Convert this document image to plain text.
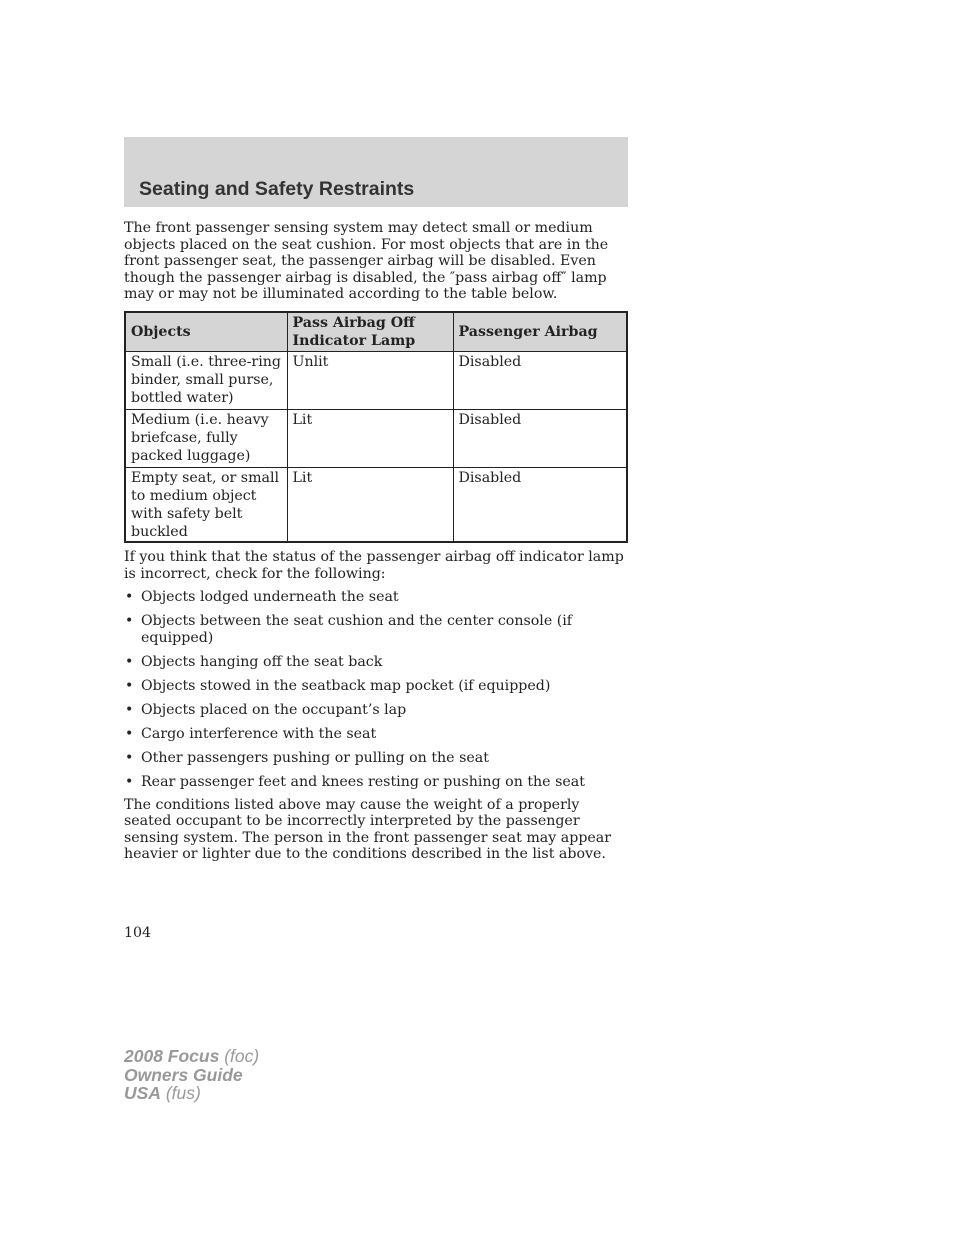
Seating and Safety Restraints

The front passenger sensing system may detect small or medium objects placed on the seat cushion. For most objects that are in the front passenger seat, the passenger airbag will be disabled. Even though the passenger airbag is disabled, the ″pass airbag off″ lamp may or may not be illuminated according to the table below.

Objects	Pass Airbag Off Indicator Lamp	Passenger Airbag
Small (i.e. three-ring binder, small purse, bottled water)	Unlit	Disabled
Medium (i.e. heavy briefcase, fully packed luggage)	Lit	Disabled
Empty seat, or small to medium object with safety belt buckled	Lit	Disabled

If you think that the status of the passenger airbag off indicator lamp is incorrect, check for the following:

• Objects lodged underneath the seat
• Objects between the seat cushion and the center console (if equipped)
• Objects hanging off the seat back
• Objects stowed in the seatback map pocket (if equipped)
• Objects placed on the occupant’s lap
• Cargo interference with the seat
• Other passengers pushing or pulling on the seat
• Rear passenger feet and knees resting or pushing on the seat

The conditions listed above may cause the weight of a properly seated occupant to be incorrectly interpreted by the passenger sensing system. The person in the front passenger seat may appear heavier or lighter due to the conditions described in the list above.

104
2008 Focus (foc)
Owners Guide
USA (fus)
